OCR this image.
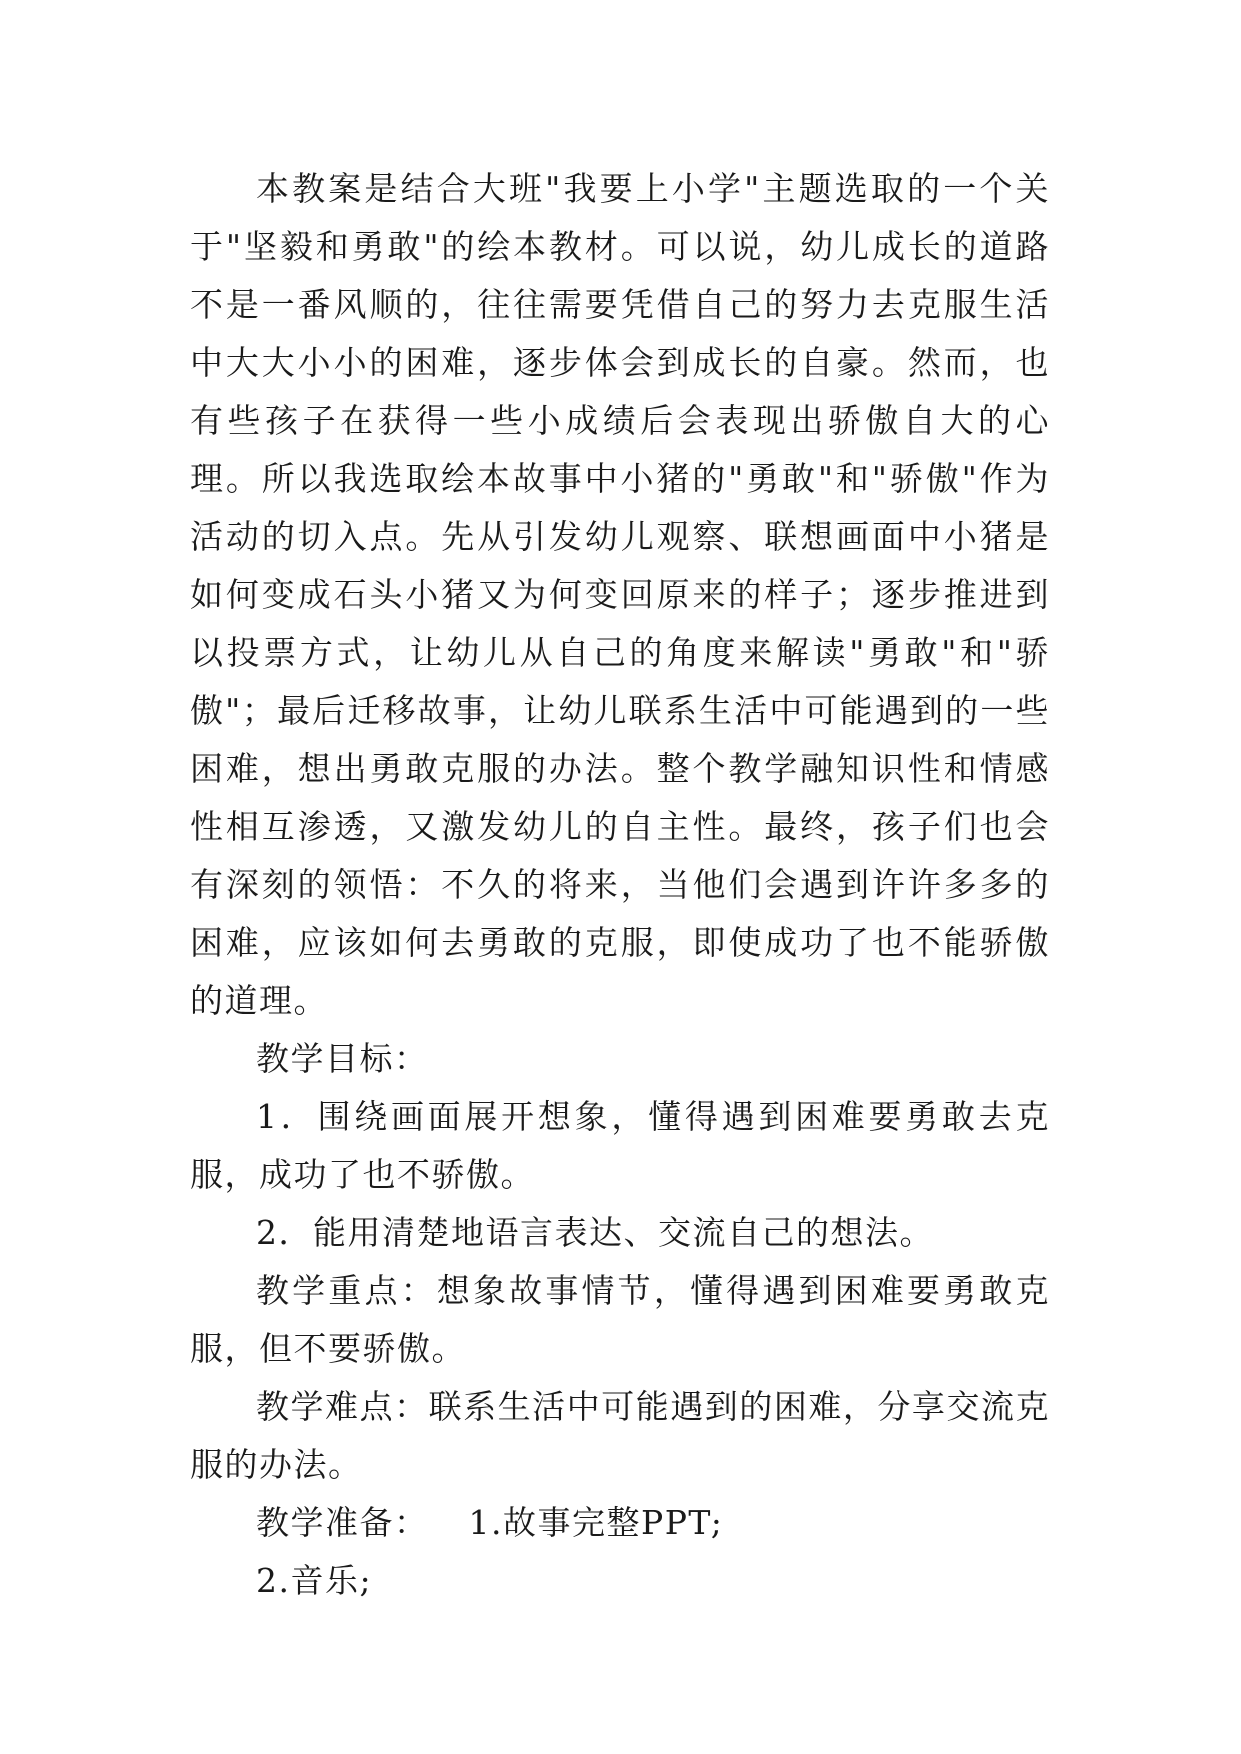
本教案是结合大班"我要上小学"主题选取的一个关于"坚毅和勇敢"的绘本教材。可以说，幼儿成长的道路不是一番风顺的，往往需要凭借自己的努力去克服生活中大大小小的困难，逐步体会到成长的自豪。然而，也有些孩子在获得一些小成绩后会表现出骄傲自大的心理。所以我选取绘本故事中小猪的"勇敢"和"骄傲"作为活动的切入点。先从引发幼儿观察、联想画面中小猪是如何变成石头小猪又为何变回原来的样子；逐步推进到以投票方式，让幼儿从自己的角度来解读"勇敢"和"骄傲"；最后迁移故事，让幼儿联系生活中可能遇到的一些困难，想出勇敢克服的办法。整个教学融知识性和情感性相互渗透，又激发幼儿的自主性。最终，孩子们也会有深刻的领悟：不久的将来，当他们会遇到许许多多的困难，应该如何去勇敢的克服，即使成功了也不能骄傲的道理。

教学目标：

1．围绕画面展开想象，懂得遇到困难要勇敢去克服，成功了也不骄傲。

2．能用清楚地语言表达、交流自己的想法。

教学重点：想象故事情节，懂得遇到困难要勇敢克服，但不要骄傲。

教学难点：联系生活中可能遇到的困难，分享交流克服的办法。

教学准备： 1.故事完整PPT;

2.音乐;
